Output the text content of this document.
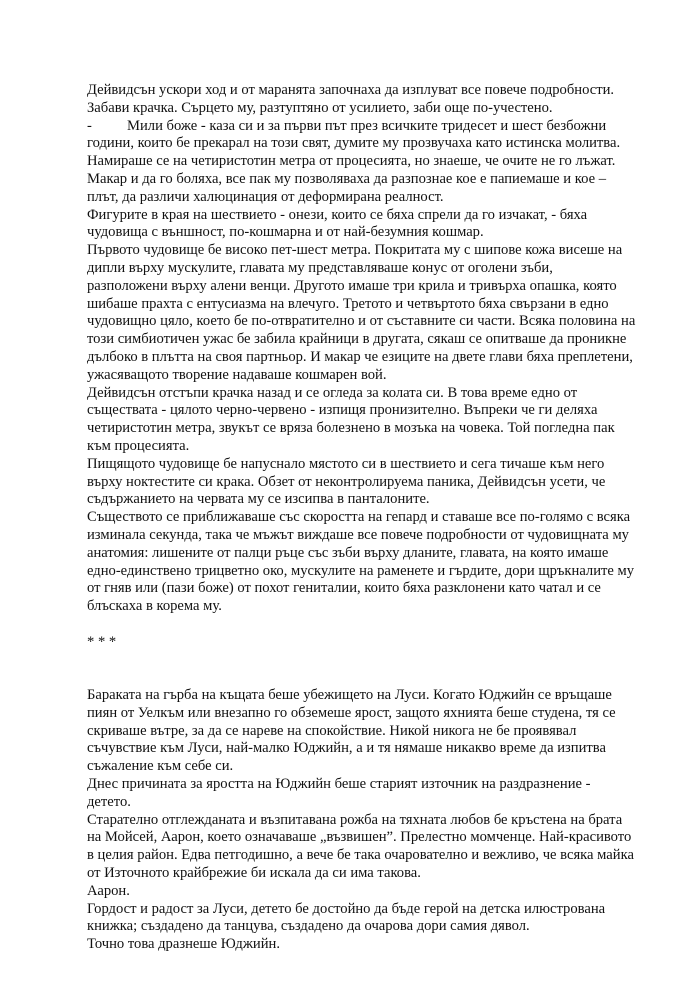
Дейвидсън ускори ход и от маранята започнаха да изплуват все повече подробности.
Забави крачка. Сърцето му, разтуптяно от усилието, заби още по-учестено.
- Мили боже - каза си и за първи път през всичките тридесет и шест безбожни
години, които бе прекарал на този свят, думите му прозвучаха като истинска молитва.
Намираше се на четиристотин метра от процесията, но знаеше, че очите не го лъжат.
Макар и да го боляха, все пак му позволяваха да разпознае кое е папиемаше и кое –
плът, да различи халюцинация от деформирана реалност.
Фигурите в края на шествието - онези, които се бяха спрели да го изчакат, - бяха
чудовища с външност, по-кошмарна и от най-безумния кошмар.
Първото чудовище бе високо пет-шест метра. Покритата му с шипове кожа висеше на
дипли върху мускулите, главата му представляваше конус от оголени зъби,
разположени върху алени венци. Другото имаше три крила и тривърха опашка, която
шибаше прахта с ентусиазма на влечуго. Третото и четвъртото бяха свързани в едно
чудовищно цяло, което бе по-отвратително и от съставните си части. Всяка половина на
този симбиотичен ужас бе забила крайници в другата, сякаш се опитваше да проникне
дълбоко в плътта на своя партньор. И макар че езиците на двете глави бяха преплетени,
ужасяващото творение надаваше кошмарен вой.
Дейвидсън отстъпи крачка назад и се огледа за колата си. В това време едно от
съществата - цялото черно-червено - изпищя пронизително. Въпреки че ги деляха
четиристотин метра, звукът се вряза болезнено в мозъка на човека. Той погледна пак
към процесията.
Пищящото чудовище бе напуснало мястото си в шествието и сега тичаше към него
върху ноктестите си крака. Обзет от неконтролируема паника, Дейвидсън усети, че
съдържанието на червата му се изсипва в панталоните.
Съществото се приближаваше със скоростта на гепард и ставаше все по-голямо с всяка
изминала секунда, така че мъжът виждаше все повече подробности от чудовищната му
анатомия: лишените от палци ръце със зъби върху дланите, главата, на която имаше
едно-единствено трицветно око, мускулите на раменете и гърдите, дори щръкналите му
от гняв или (пази боже) от похот гениталии, които бяха разклонени като чатал и се
блъскаха в корема му.
* * *
Бараката на гърба на къщата беше убежището на Луси. Когато Юджийн се връщаше
пиян от Уелкъм или внезапно го обземеше ярост, защото яхнията беше студена, тя се
скриваше вътре, за да се нареве на спокойствие. Никой никога не бе проявявал
съчувствие към Луси, най-малко Юджийн, а и тя нямаше никакво време да изпитва
съжаление към себе си.
Днес причината за яростта на Юджийн беше старият източник на раздразнение -
детето.
Старателно отглежданата и възпитавана рожба на тяхната любов бе кръстена на брата
на Мойсей, Аарон, което означаваше „възвишен”. Прелестно момченце. Най-красивото
в целия район. Едва петгодишно, а вече бе така очарователно и вежливо, че всяка майка
от Източното крайбрежие би искала да си има такова.
Аарон.
Гордост и радост за Луси, детето бе достойно да бъде герой на детска илюстрована
книжка; създадено да танцува, създадено да очарова дори самия дявол.
Точно това дразнеше Юджийн.
